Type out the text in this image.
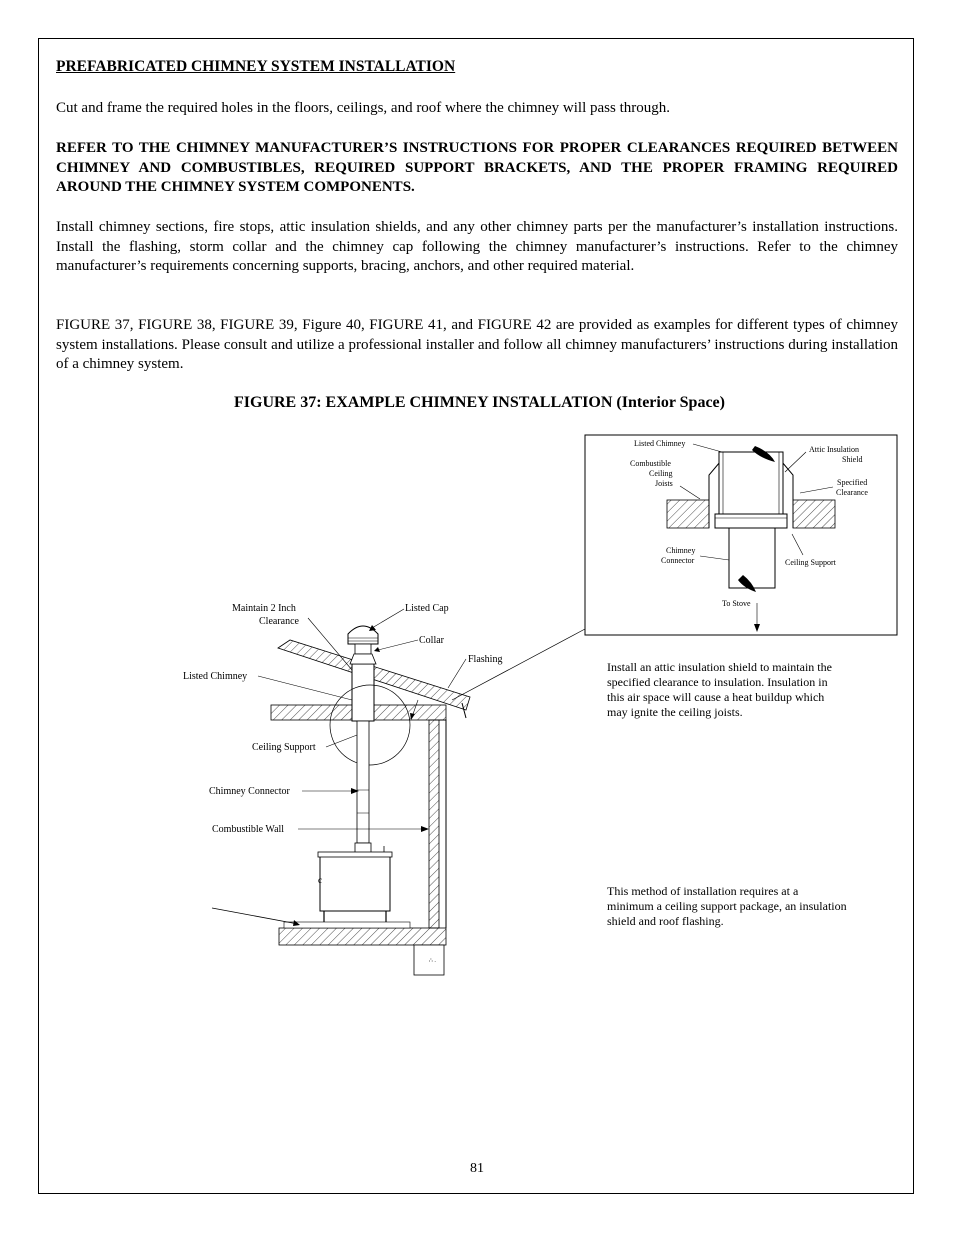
PREFABRICATED CHIMNEY SYSTEM INSTALLATION

Cut and frame the required holes in the floors, ceilings, and roof where the chimney will pass through.

REFER TO THE CHIMNEY MANUFACTURER’S INSTRUCTIONS FOR PROPER CLEARANCES REQUIRED BETWEEN CHIMNEY AND COMBUSTIBLES, REQUIRED SUPPORT BRACKETS, AND THE PROPER FRAMING REQUIRED AROUND THE CHIMNEY SYSTEM COMPONENTS.

Install chimney sections, fire stops, attic insulation shields, and any other chimney parts per the manufacturer’s installation instructions. Install the flashing, storm collar and the chimney cap following the chimney manufacturer’s instructions. Refer to the chimney manufacturer’s requirements concerning supports, bracing, anchors, and other required material.

FIGURE 37, FIGURE 38, FIGURE 39, Figure 40, FIGURE 41, and FIGURE 42 are provided as examples for different types of chimney system installations. Please consult and utilize a professional installer and follow all chimney manufacturers’ instructions during installation of a chimney system.

FIGURE 37: EXAMPLE CHIMNEY INSTALLATION (Interior Space)

Listed Chimney
Attic Insulation
Shield
Combustible
Ceiling
Joists	Specified
Clearance
Chimney
Connector	Ceiling Support
To Stove
∴ .
c
Maintain 2 Inch
Clearance
Listed Cap
Collar
Flashing
Listed Chimney
Ceiling Support
Chimney Connector
Combustible Wall

Install an attic insulation shield to maintain the specified clearance to insulation. Insulation in this air space will cause a heat buildup which may ignite the ceiling joists.

This method of installation requires at a minimum a ceiling support package, an insulation shield and roof flashing.

81
